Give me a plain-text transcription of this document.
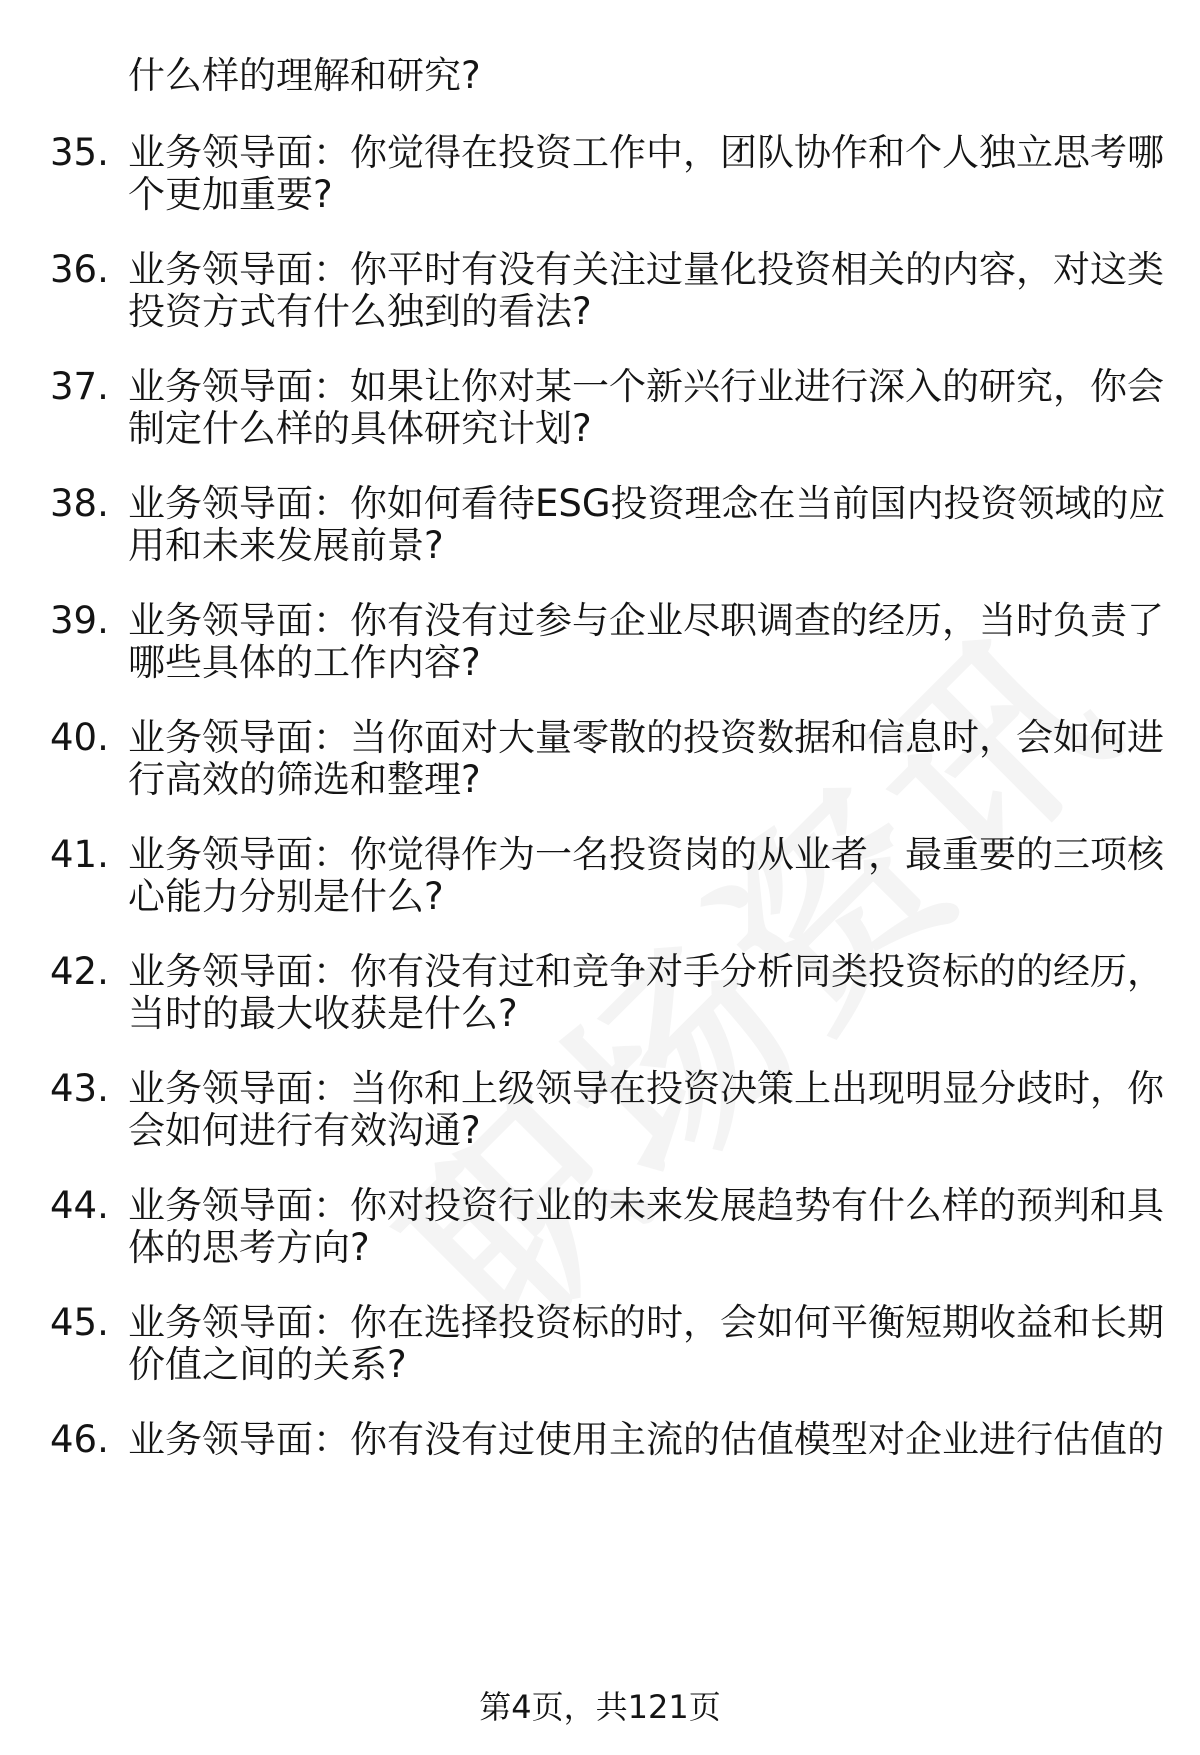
什么样的理解和研究?
35. 业务领导面：你觉得在投资工作中，团队协作和个人独立思考哪
个更加重要?
36. 业务领导面：你平时有没有关注过量化投资相关的内容，对这类
投资方式有什么独到的看法?
37. 业务领导面：如果让你对某一个新兴行业进行深入的研究，你会
制定什么样的具体研究计划?
38. 业务领导面：你如何看待ESG投资理念在当前国内投资领域的应
用和未来发展前景?
39. 业务领导面：你有没有过参与企业尽职调查的经历，当时负责了
哪些具体的工作内容?
40. 业务领导面：当你面对大量零散的投资数据和信息时，会如何进
行高效的筛选和整理?
41. 业务领导面：你觉得作为一名投资岗的从业者，最重要的三项核
心能力分别是什么?
42. 业务领导面：你有没有过和竞争对手分析同类投资标的的经历，
当时的最大收获是什么?
43. 业务领导面：当你和上级领导在投资决策上出现明显分歧时，你
会如何进行有效沟通?
44. 业务领导面：你对投资行业的未来发展趋势有什么样的预判和具
体的思考方向?
45. 业务领导面：你在选择投资标的时，会如何平衡短期收益和长期
价值之间的关系?
46. 业务领导面：你有没有过使用主流的估值模型对企业进行估值的
第4页，共121页
